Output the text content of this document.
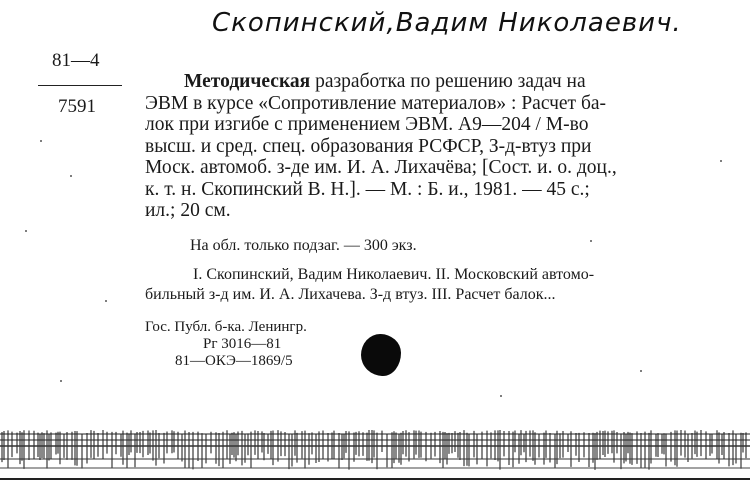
Скопинский,Вадим Николаевич.
81—4
7591
Методическая разработка по решению задач на
ЭВМ в курсе «Сопротивление материалов» : Расчет ба-
лок при изгибе с применением ЭВМ. А9—204 / М-во
высш. и сред. спец. образования РСФСР, З-д-втуз при
Моск. автомоб. з-де им. И. А. Лихачёва; [Сост. и. о. доц.,
к. т. н. Скопинский В. Н.]. — М. : Б. и., 1981. — 45 с.;
ил.; 20 см.
На обл. только подзаг. — 300 экз.
I. Скопинский, Вадим Николаевич. II. Московский автомо-
бильный з-д им. И. А. Лихачева. З-д втуз. III. Расчет балок...
Гос. Публ. б-ка. Ленингр.
Рг 3016—81
81—ОКЭ—1869/5
